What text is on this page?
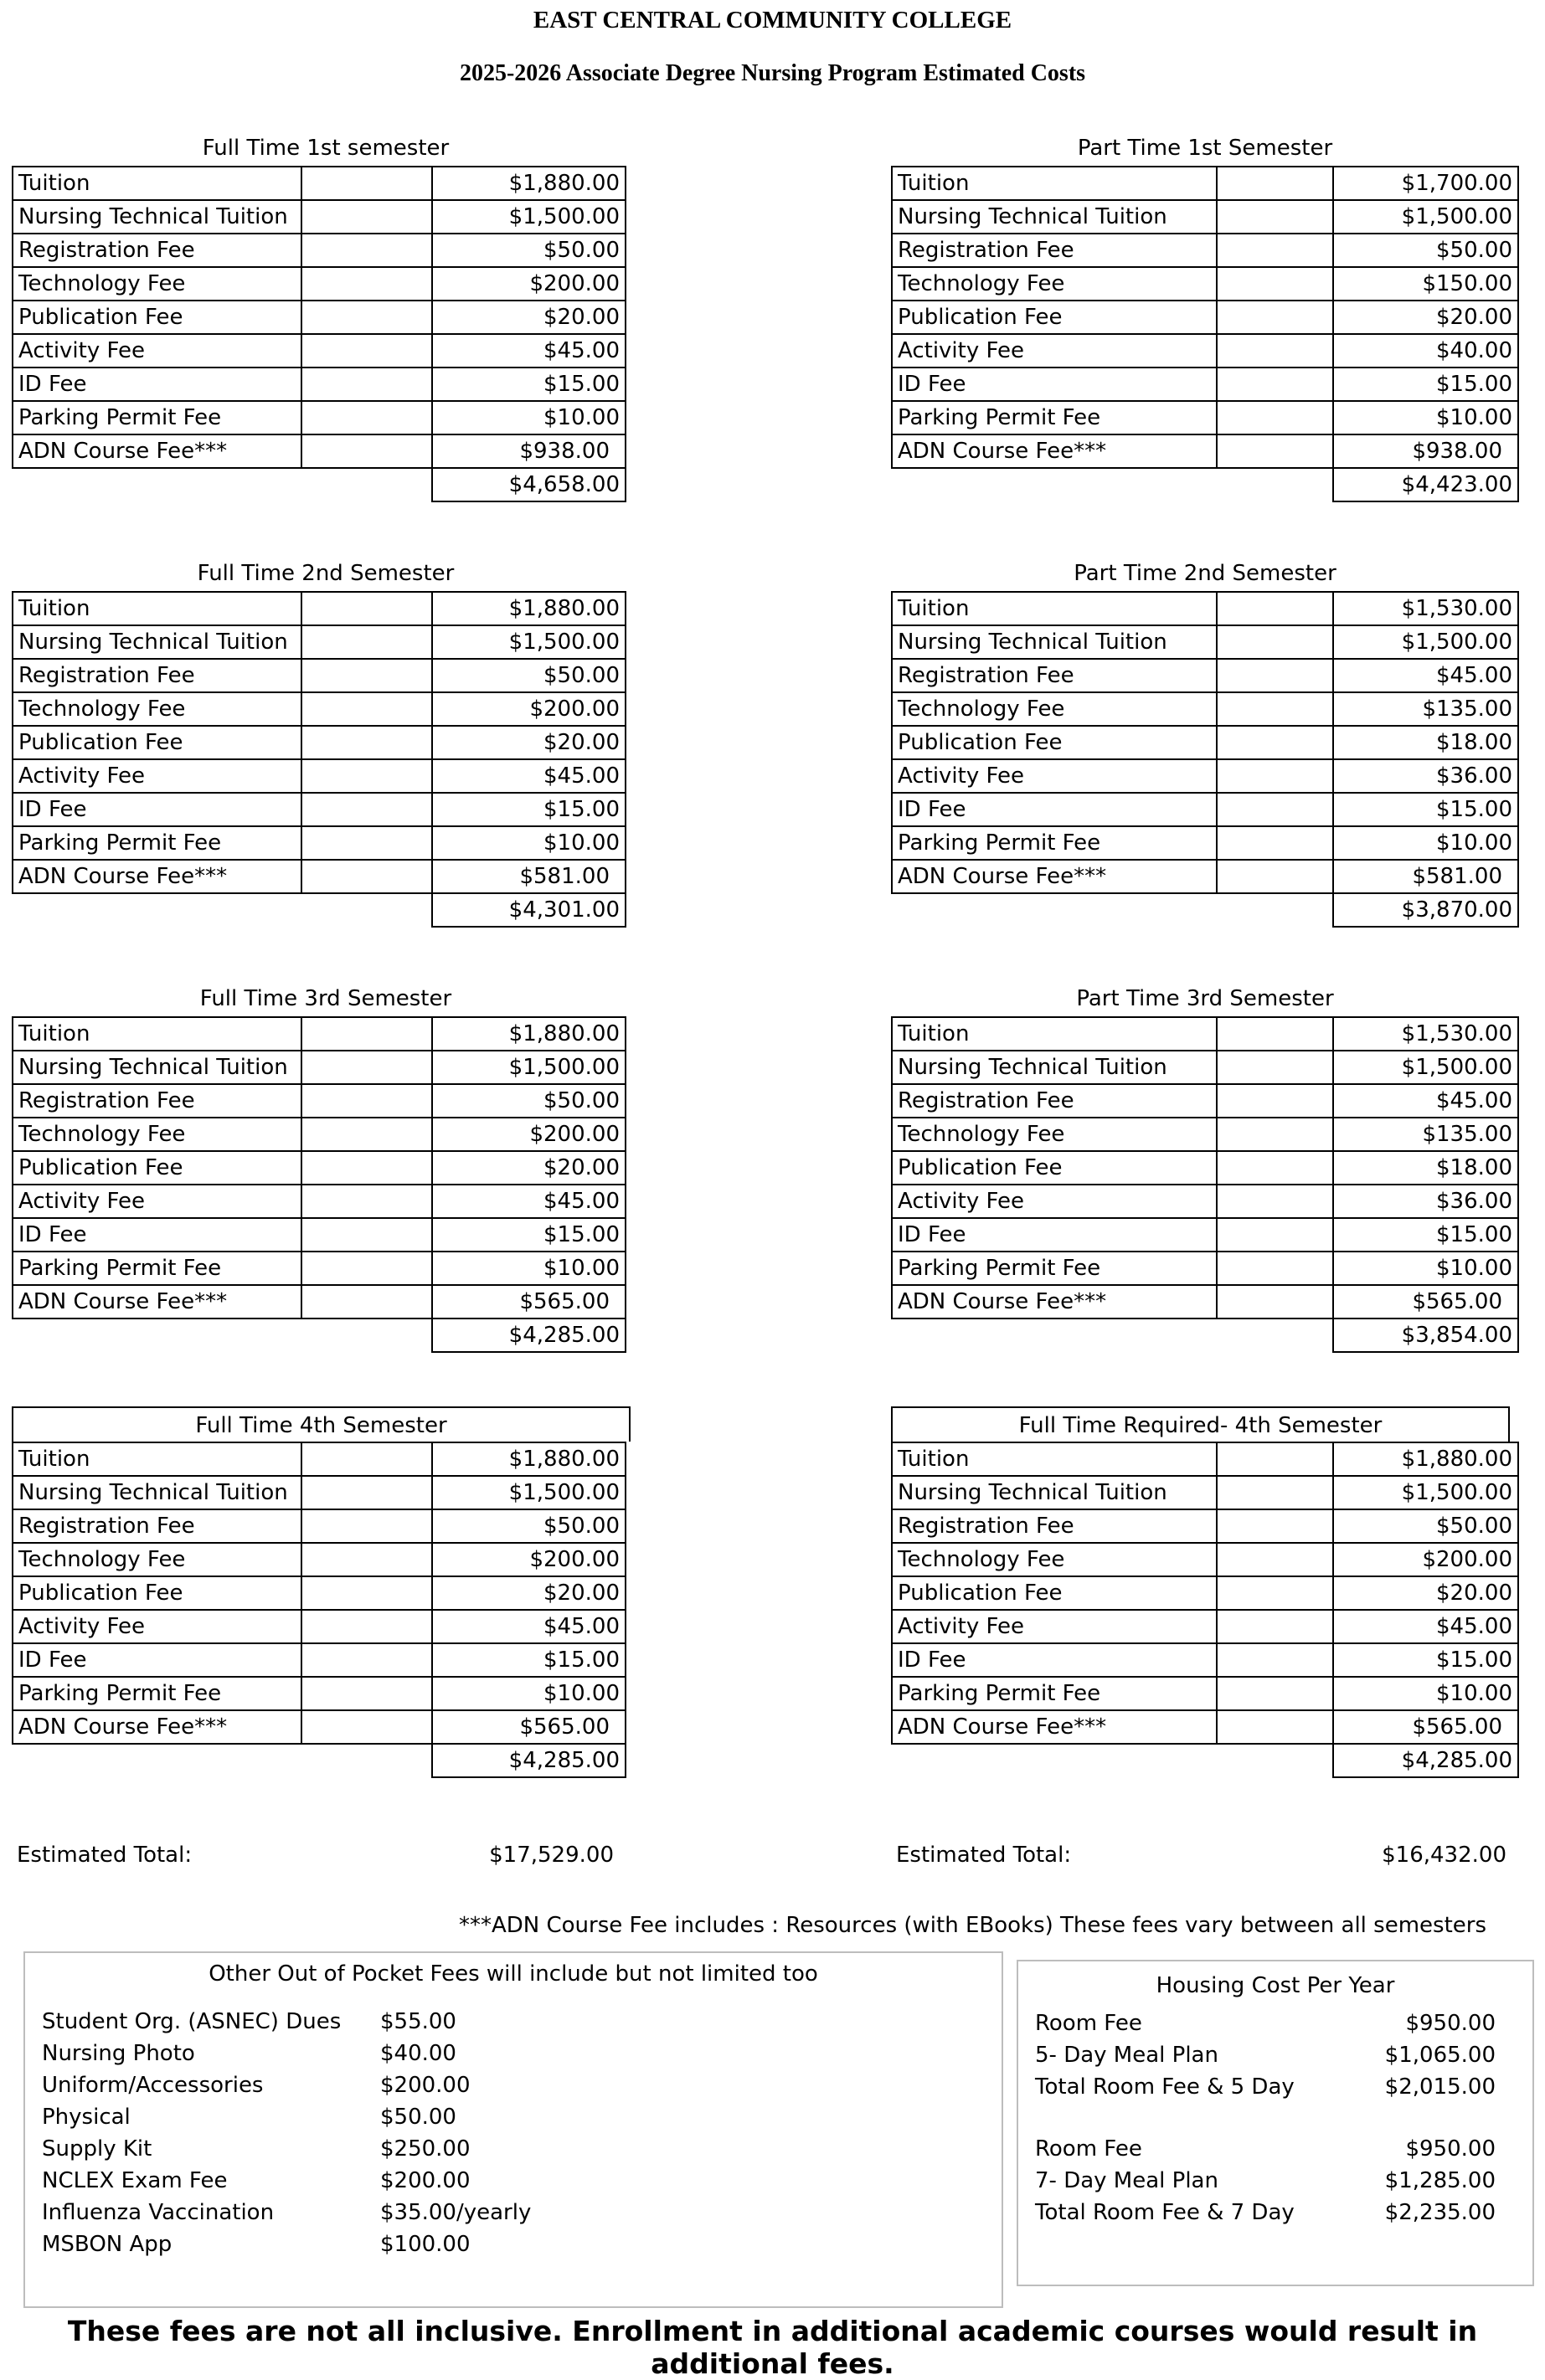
EAST CENTRAL COMMUNITY COLLEGE
2025-2026 Associate Degree Nursing Program Estimated Costs
Full Time 1st semester
Tuition		$1,880.00
Nursing Technical Tuition		$1,500.00
Registration Fee		$50.00
Technology Fee		$200.00
Publication Fee		$20.00
Activity Fee		$45.00
ID Fee		$15.00
Parking Permit Fee		$10.00
ADN Course Fee***		$938.00
		$4,658.00
Part Time 1st Semester
Tuition		$1,700.00
Nursing Technical Tuition		$1,500.00
Registration Fee		$50.00
Technology Fee		$150.00
Publication Fee		$20.00
Activity Fee		$40.00
ID Fee		$15.00
Parking Permit Fee		$10.00
ADN Course Fee***		$938.00
		$4,423.00
Full Time 2nd Semester
Tuition		$1,880.00
Nursing Technical Tuition		$1,500.00
Registration Fee		$50.00
Technology Fee		$200.00
Publication Fee		$20.00
Activity Fee		$45.00
ID Fee		$15.00
Parking Permit Fee		$10.00
ADN Course Fee***		$581.00
		$4,301.00
Part Time 2nd Semester
Tuition		$1,530.00
Nursing Technical Tuition		$1,500.00
Registration Fee		$45.00
Technology Fee		$135.00
Publication Fee		$18.00
Activity Fee		$36.00
ID Fee		$15.00
Parking Permit Fee		$10.00
ADN Course Fee***		$581.00
		$3,870.00
Full Time 3rd Semester
Tuition		$1,880.00
Nursing Technical Tuition		$1,500.00
Registration Fee		$50.00
Technology Fee		$200.00
Publication Fee		$20.00
Activity Fee		$45.00
ID Fee		$15.00
Parking Permit Fee		$10.00
ADN Course Fee***		$565.00
		$4,285.00
Part Time 3rd Semester
Tuition		$1,530.00
Nursing Technical Tuition		$1,500.00
Registration Fee		$45.00
Technology Fee		$135.00
Publication Fee		$18.00
Activity Fee		$36.00
ID Fee		$15.00
Parking Permit Fee		$10.00
ADN Course Fee***		$565.00
		$3,854.00
Full Time 4th Semester
Tuition		$1,880.00
Nursing Technical Tuition		$1,500.00
Registration Fee		$50.00
Technology Fee		$200.00
Publication Fee		$20.00
Activity Fee		$45.00
ID Fee		$15.00
Parking Permit Fee		$10.00
ADN Course Fee***		$565.00
		$4,285.00
Full Time Required- 4th Semester
Tuition		$1,880.00
Nursing Technical Tuition		$1,500.00
Registration Fee		$50.00
Technology Fee		$200.00
Publication Fee		$20.00
Activity Fee		$45.00
ID Fee		$15.00
Parking Permit Fee		$10.00
ADN Course Fee***		$565.00
		$4,285.00
Estimated Total:	$17,529.00	Estimated Total:	$16,432.00
***ADN Course Fee includes : Resources (with EBooks) These fees vary between all semesters
Other Out of Pocket Fees will include but not limited too
Student Org. (ASNEC) Dues $55.00
Nursing Photo	$40.00
Uniform/Accessories	$200.00
Physical	$50.00
Supply Kit	$250.00
NCLEX Exam Fee	$200.00
Influenza Vaccination	$35.00/yearly
MSBON App	$100.00
Housing Cost Per Year
Room Fee	$950.00
5- Day Meal Plan	$1,065.00
Total Room Fee & 5 Day	$2,015.00
Room Fee	$950.00
7- Day Meal Plan	$1,285.00
Total Room Fee & 7 Day	$2,235.00
These fees are not all inclusive. Enrollment in additional academic courses would result in additional fees.
